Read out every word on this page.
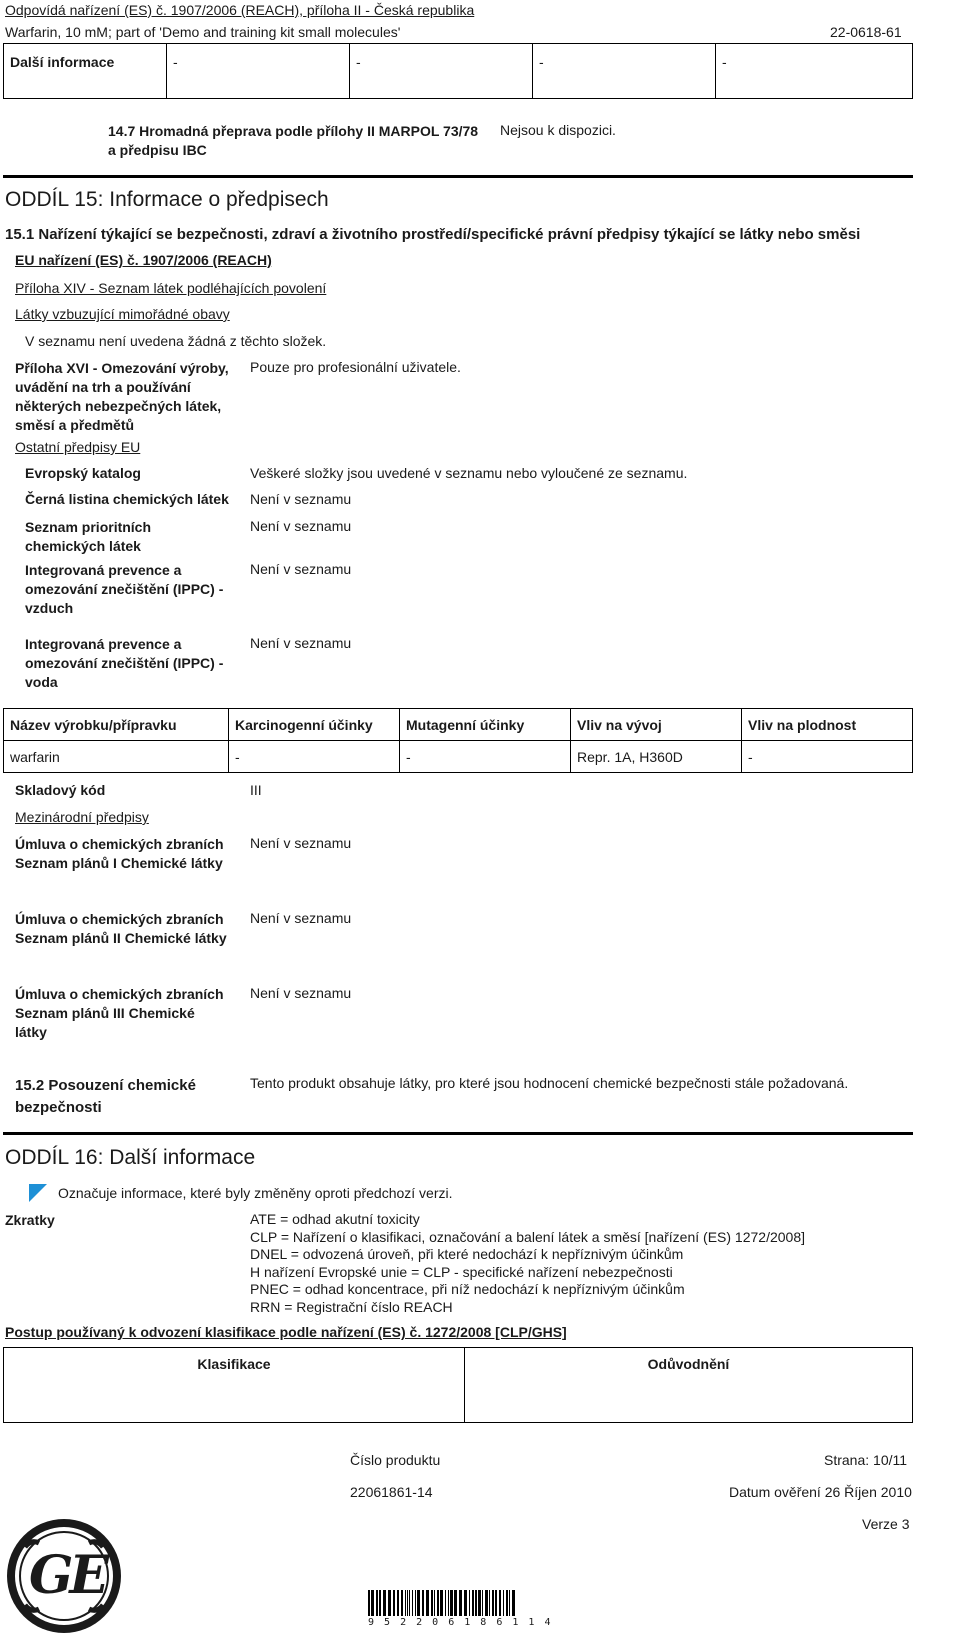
Odpovídá nařízení (ES) č. 1907/2006 (REACH), příloha II - Česká republika
Warfarin, 10 mM; part of 'Demo and training kit small molecules'	22-0618-61
Další informace	-	-	-	-
14.7 Hromadná přeprava podle přílohy II MARPOL 73/78 a předpisu IBC
Nejsou k dispozici.
ODDÍL 15: Informace o předpisech
15.1 Nařízení týkající se bezpečnosti, zdraví a životního prostředí/specifické právní předpisy týkající se látky nebo směsi
EU nařízení (ES) č. 1907/2006 (REACH)
Příloha XIV - Seznam látek podléhajících povolení
Látky vzbuzující mimořádné obavy
V seznamu není uvedena žádná z těchto složek.
Příloha XVI - Omezování výroby, uvádění na trh a používání některých nebezpečných látek, směsí a předmětů
Pouze pro profesionální uživatele.
Ostatní předpisy EU
Evropský katalog	Veškeré složky jsou uvedené v seznamu nebo vyloučené ze seznamu.
Černá listina chemických látek Není v seznamu
Seznam prioritních chemických látek
Není v seznamu
Integrovaná prevence a omezování znečištění (IPPC) - vzduch
Není v seznamu
Integrovaná prevence a omezování znečištění (IPPC) - voda
Není v seznamu
Název výrobku/přípravku	Karcinogenní účinky	Mutagenní účinky	Vliv na vývoj	Vliv na plodnost
warfarin	-	-	Repr. 1A, H360D	-
Skladový kód	III
Mezinárodní předpisy
Úmluva o chemických zbraních Seznam plánů I Chemické látky
Není v seznamu
Úmluva o chemických zbraních Seznam plánů II Chemické látky
Není v seznamu
Úmluva o chemických zbraních Seznam plánů III Chemické látky
Není v seznamu
15.2 Posouzení chemické bezpečnosti
Tento produkt obsahuje látky, pro které jsou hodnocení chemické bezpečnosti stále požadovaná.
ODDÍL 16: Další informace
Označuje informace, které byly změněny oproti předchozí verzi.
Zkratky	ATE = odhad akutní toxicity
CLP = Nařízení o klasifikaci, označování a balení látek a směsí [nařízení (ES) 1272/2008]
DNEL = odvozená úroveň, při které nedochází k nepříznivým účinkům
H nařízení Evropské unie = CLP - specifické nařízení nebezpečnosti
PNEC = odhad koncentrace, při níž nedochází k nepříznivým účinkům
RRN = Registrační číslo REACH
Postup používaný k odvození klasifikace podle nařízení (ES) č. 1272/2008 [CLP/GHS]
Klasifikace	Odůvodnění
GE
Číslo produktu
22061861-14
Strana: 10/11
Datum ověření 26 Říjen 2010
Verze 3
9 5 2 2 0 6 1 8 6 1 1 4
